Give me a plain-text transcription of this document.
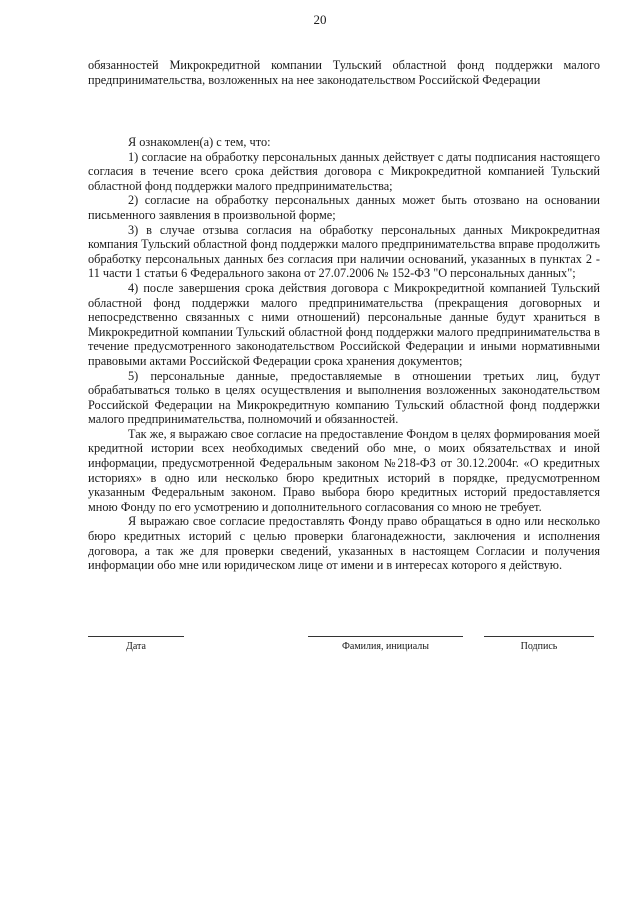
20
обязанностей Микрокредитной компании Тульский областной фонд поддержки малого предпринимательства, возложенных на нее законодательством Российской Федерации

Я ознакомлен(а) с тем, что:

1) согласие на обработку персональных данных действует с даты подписания настоящего согласия в течение всего срока действия договора с Микрокредитной компанией Тульский областной фонд поддержки малого предпринимательства;

2) согласие на обработку персональных данных может быть отозвано на основании письменного заявления в произвольной форме;

3) в случае отзыва согласия на обработку персональных данных Микрокредитная компания Тульский областной фонд поддержки малого предпринимательства вправе продолжить обработку персональных данных без согласия при наличии оснований, указанных в пунктах 2 - 11 части 1 статьи 6 Федерального закона от 27.07.2006 № 152-ФЗ "О персональных данных";

4) после завершения срока действия договора с Микрокредитной компанией Тульский областной фонд поддержки малого предпринимательства (прекращения договорных и непосредственно связанных с ними отношений) персональные данные будут храниться в Микрокредитной компании Тульский областной фонд поддержки малого предпринимательства в течение предусмотренного законодательством Российской Федерации и иными нормативными правовыми актами Российской Федерации срока хранения документов;

5) персональные данные, предоставляемые в отношении третьих лиц, будут обрабатываться только в целях осуществления и выполнения возложенных законодательством Российской Федерации на Микрокредитную компанию Тульский областной фонд поддержки малого предпринимательства, полномочий и обязанностей.

Так же, я выражаю свое согласие на предоставление Фондом в целях формирования моей кредитной истории всех необходимых сведений обо мне, о моих обязательствах и иной информации, предусмотренной Федеральным законом №218-ФЗ от 30.12.2004г. «О кредитных историях» в одно или несколько бюро кредитных историй в порядке, предусмотренном указанным Федеральным законом. Право выбора бюро кредитных историй предоставляется мною Фонду по его усмотрению и дополнительного согласования со мною не требует.

Я выражаю свое согласие предоставлять Фонду право обращаться в одно или несколько бюро кредитных историй с целью проверки благонадежности, заключения и исполнения договора, а так же для проверки сведений, указанных в настоящем Согласии и получения информации обо мне или юридическом лице от имени и в интересах которого я действую.

Дата	Фамилия, инициалы	Подпись
